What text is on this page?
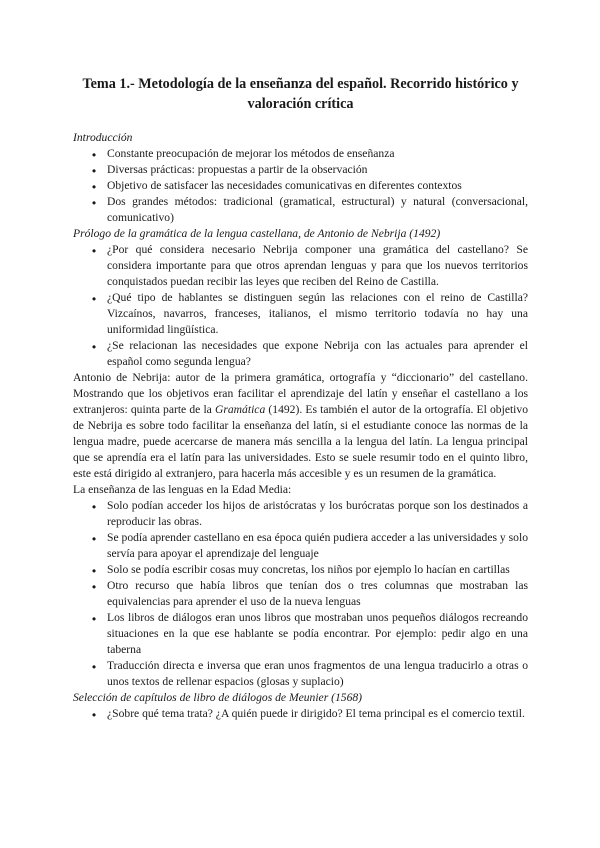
Tema 1.- Metodología de la enseñanza del español. Recorrido histórico y valoración crítica

Introducción

●
Constante preocupación de mejorar los métodos de enseñanza
●
Diversas prácticas: propuestas a partir de la observación
●
Objetivo de satisfacer las necesidades comunicativas en diferentes contextos
●
Dos grandes métodos: tradicional (gramatical, estructural) y natural (conversacional, comunicativo)

Prólogo de la gramática de la lengua castellana, de Antonio de Nebrija (1492)

●
¿Por qué considera necesario Nebrija componer una gramática del castellano? Se considera importante para que otros aprendan lenguas y para que los nuevos territorios conquistados puedan recibir las leyes que reciben del Reino de Castilla.
●
¿Qué tipo de hablantes se distinguen según las relaciones con el reino de Castilla? Vizcaínos, navarros, franceses, italianos, el mismo territorio todavía no hay una uniformidad lingüística.
●
¿Se relacionan las necesidades que expone Nebrija con las actuales para aprender el español como segunda lengua?

Antonio de Nebrija: autor de la primera gramática, ortografía y “diccionario” del castellano. Mostrando que los objetivos eran facilitar el aprendizaje del latín y enseñar el castellano a los extranjeros: quinta parte de la Gramática (1492). Es también el autor de la ortografía. El objetivo de Nebrija es sobre todo facilitar la enseñanza del latín, si el estudiante conoce las normas de la lengua madre, puede acercarse de manera más sencilla a la lengua del latín. La lengua principal que se aprendía era el latín para las universidades. Esto se suele resumir todo en el quinto libro, este está dirigido al extranjero, para hacerla más accesible y es un resumen de la gramática.

La enseñanza de las lenguas en la Edad Media:

●
Solo podían acceder los hijos de aristócratas y los burócratas porque son los destinados a reproducir las obras.
●
Se podía aprender castellano en esa época quién pudiera acceder a las universidades y solo servía para apoyar el aprendizaje del lenguaje
●
Solo se podía escribir cosas muy concretas, los niños por ejemplo lo hacían en cartillas
●
Otro recurso que había libros que tenían dos o tres columnas que mostraban las equivalencias para aprender el uso de la nueva lenguas
●
Los libros de diálogos eran unos libros que mostraban unos pequeños diálogos recreando situaciones en la que ese hablante se podía encontrar. Por ejemplo: pedir algo en una taberna
●
Traducción directa e inversa que eran unos fragmentos de una lengua traducirlo a otras o unos textos de rellenar espacios (glosas y suplacio)

Selección de capítulos de libro de diálogos de Meunier (1568)

●
¿Sobre qué tema trata? ¿A quién puede ir dirigido? El tema principal es el comercio textil.
